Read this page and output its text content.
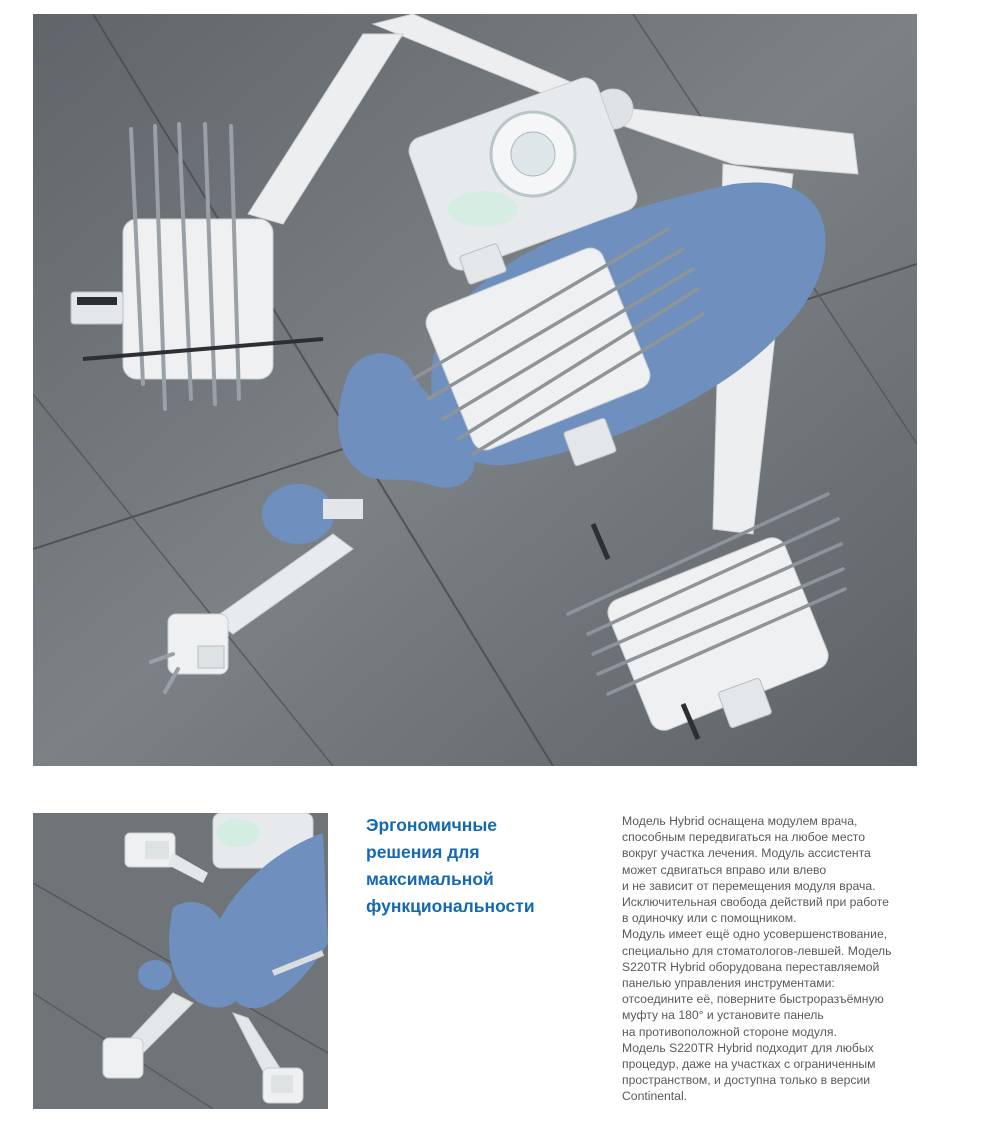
Эргономичные
решения для
максимальной
функциональности
Модель Hybrid оснащена модулем врача,
способным передвигаться на любое место
вокруг участка лечения. Модуль ассистента
может сдвигаться вправо или влево
и не зависит от перемещения модуля врача.
Исключительная свобода действий при работе
в одиночку или с помощником.
Модуль имеет ещё одно усовершенствование,
специально для стоматологов-левшей. Модель
S220TR Hybrid оборудована переставляемой
панелью управления инструментами:
отсоедините её, поверните быстроразъёмную
муфту на 180° и установите панель
на противоположной стороне модуля.
Модель S220TR Hybrid подходит для любых
процедур, даже на участках с ограниченным
пространством, и доступна только в версии
Continental.
